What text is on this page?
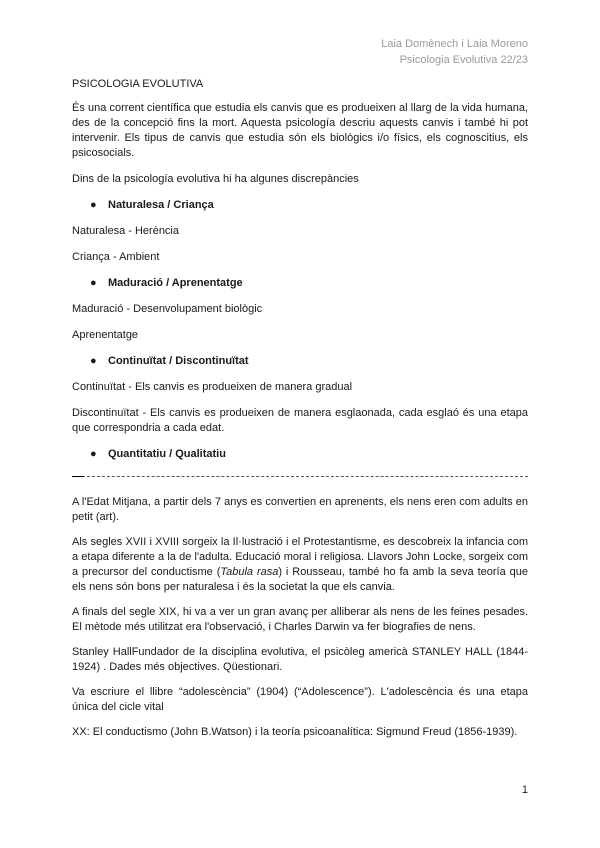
Laia Domènech i Laia Moreno
Psicologia Evolutiva 22/23

PSICOLOGIA EVOLUTIVA

És una corrent científica que estudia els canvis que es produeixen al llarg de la vida humana, des de la concepció fins la mort. Aquesta psicología descriu aquests canvis i també hi pot intervenir. Els tipus de canvis que estudia són els biològics i/o físics, els cognoscitius, els psicosocials.

Dins de la psicología evolutiva hi ha algunes discrepàncies

●	Naturalesa / Criança

Naturalesa - Herència

Criança - Ambient

●	Maduració / Aprenentatge

Maduració - Desenvolupament biològic

Aprenentatge

●	Continuïtat / Discontinuïtat

Continuïtat - Els canvis es produeixen de manera gradual

Discontinuïtat - Els canvis es produeixen de manera esglaonada, cada esglaó és una etapa que correspondria a cada edat.

●	Quantitatiu / Qualitatiu

A l'Edat Mitjana, a partir dels 7 anys es convertien en aprenents, els nens eren com adults en petit (art).

Als segles XVII i XVIII sorgeix la Il·lustració i el Protestantisme, es descobreix la infancia com a etapa diferente a la de l'adulta. Educació moral i religiosa. Llavors John Locke, sorgeix com a precursor del conductisme (Tabula rasa) i Rousseau, també ho fa amb la seva teoría que els nens són bons per naturalesa i és la societat la que els canvia.

A finals del segle XIX, hi va a ver un gran avanç per alliberar als nens de les feines pesades. El mètode més utilitzat era l'observació, i Charles Darwin va fer biografies de nens.

Stanley HallFundador de la disciplina evolutiva, el psicòleg americà STANLEY HALL (1844-1924) . Dades més objectives. Qüestionari.

Va escriure el llibre “adolescència” (1904) (“Adolescence”). L'adolescència és una etapa única del cicle vital

XX: El conductismo (John B.Watson) i la teoría psicoanalítica: Sigmund Freud (1856-1939).

1
